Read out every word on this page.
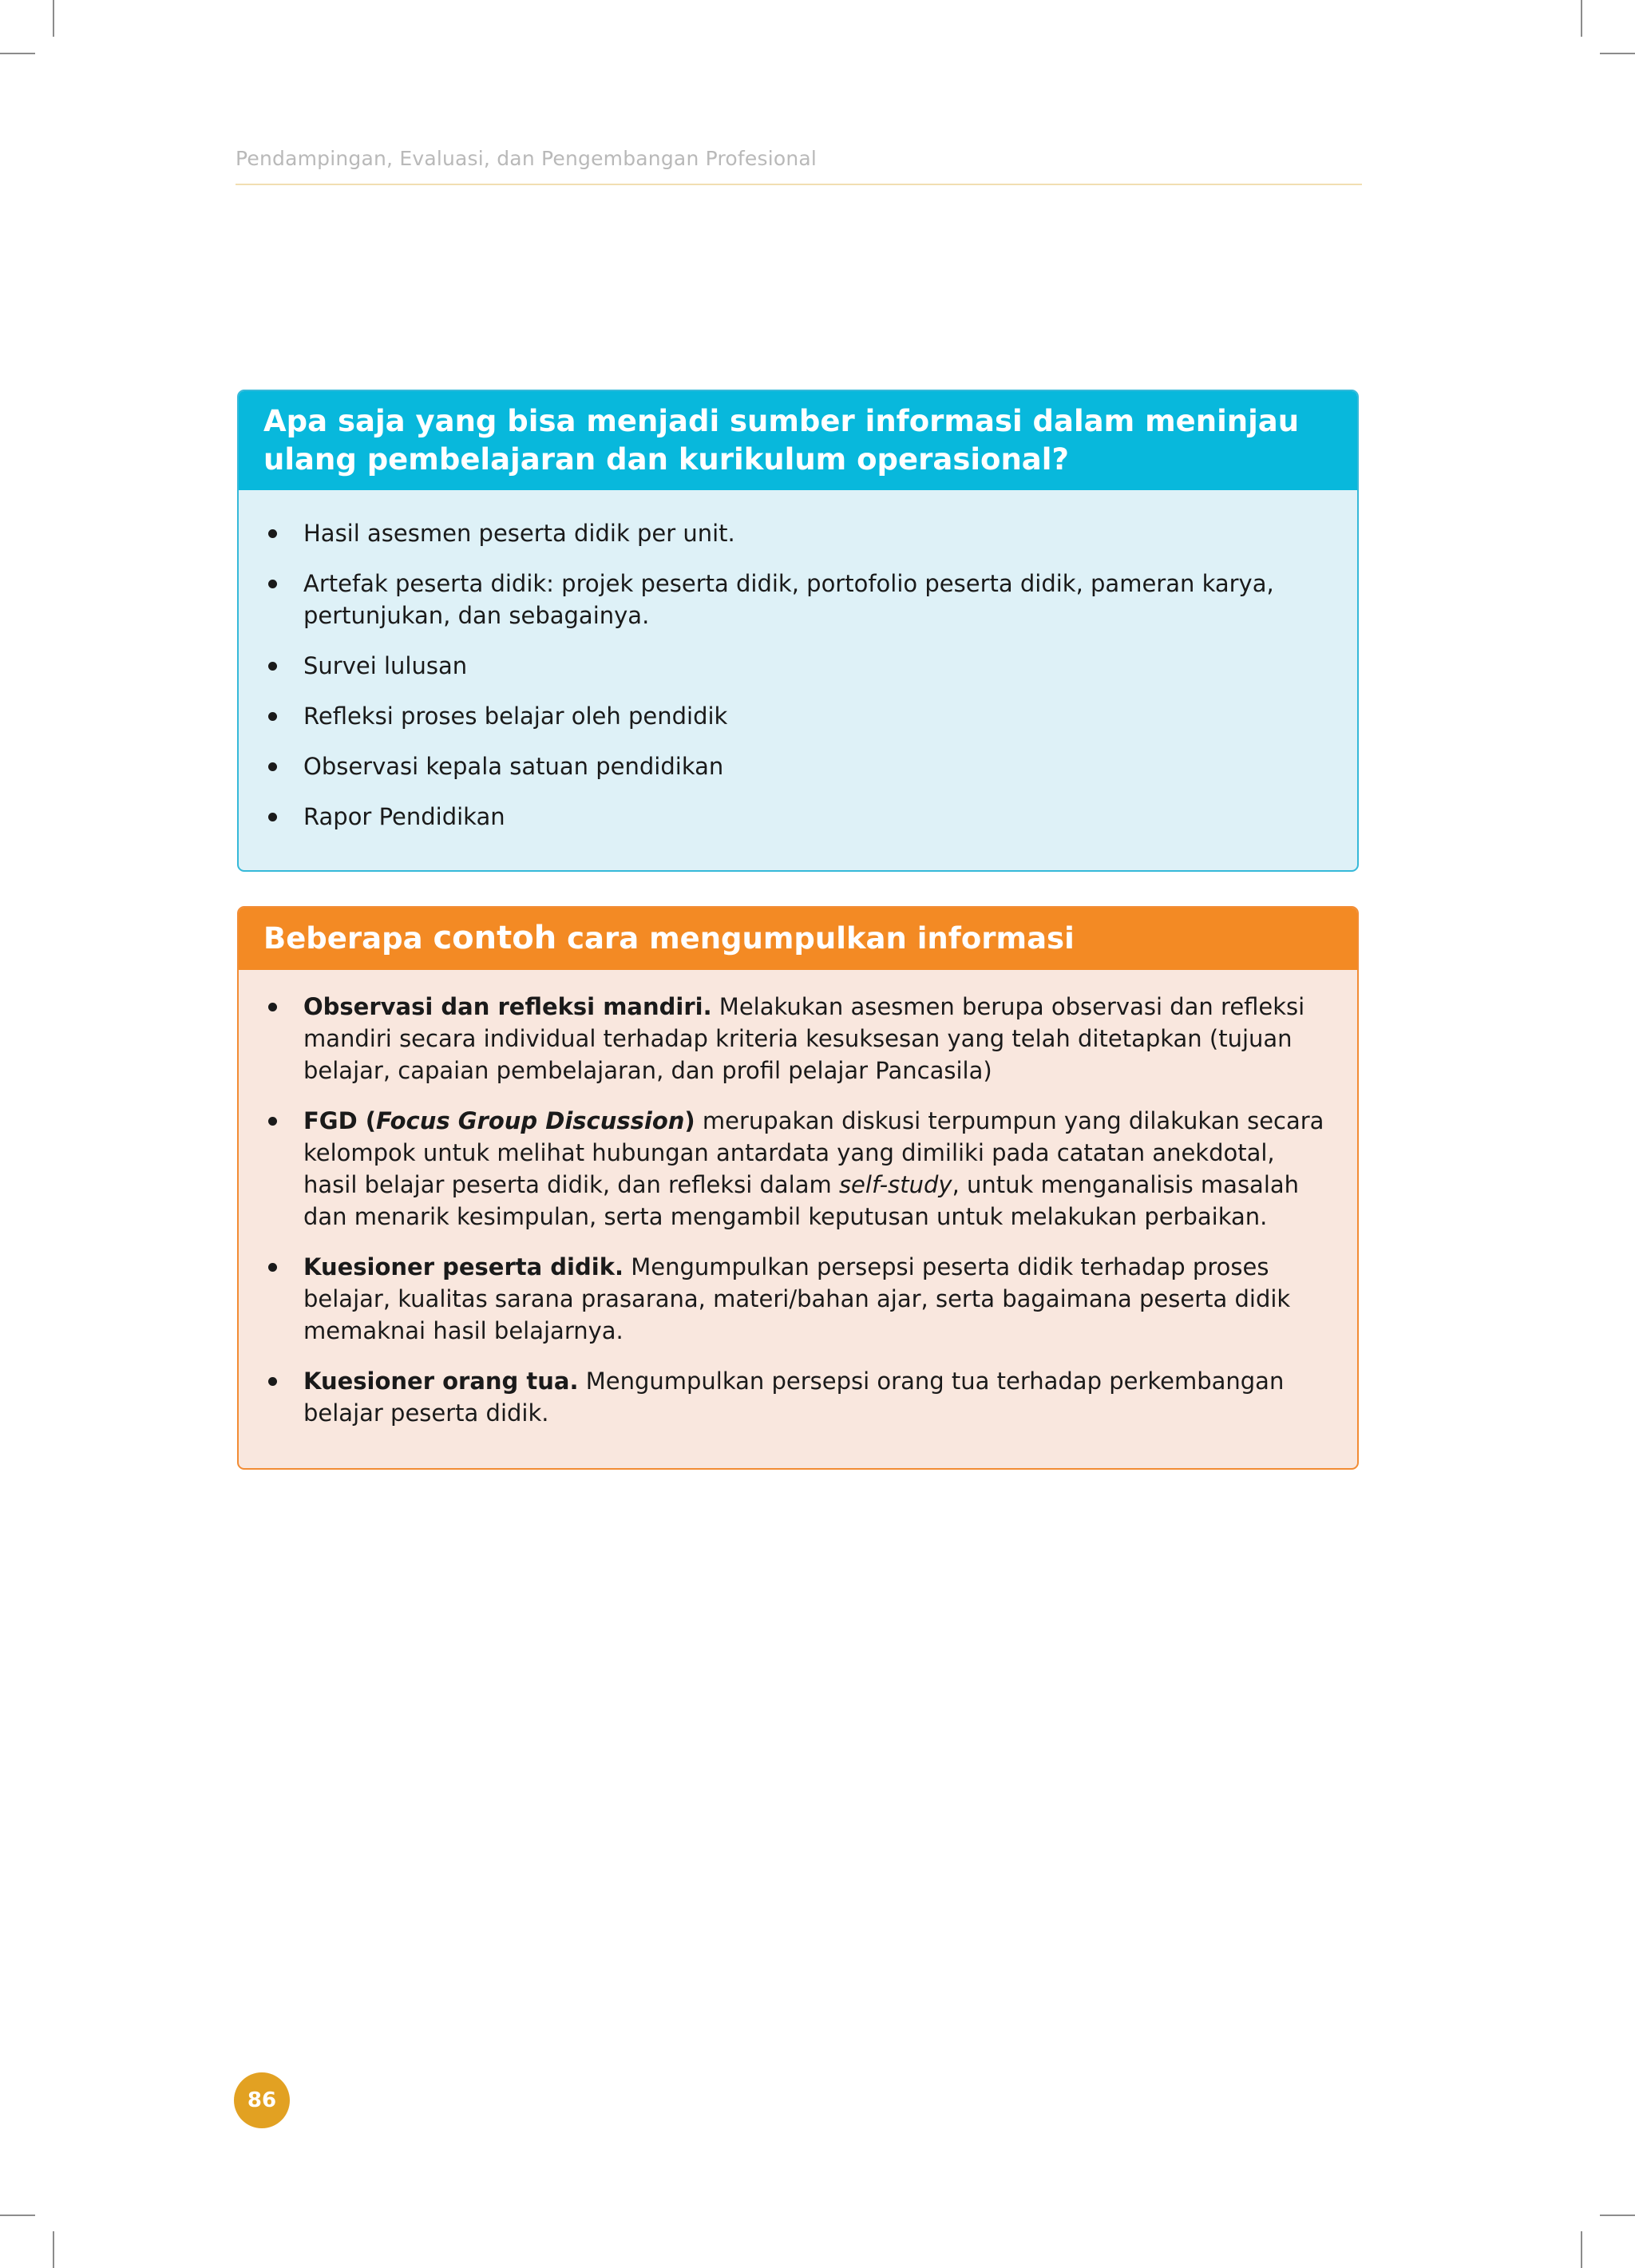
Pendampingan, Evaluasi, dan Pengembangan Profesional
Apa saja yang bisa menjadi sumber informasi dalam meninjau ulang pembelajaran dan kurikulum operasional?
Hasil asesmen peserta didik per unit.
Artefak peserta didik: projek peserta didik, portofolio peserta didik, pameran karya, pertunjukan, dan sebagainya.
Survei lulusan
Refleksi proses belajar oleh pendidik
Observasi kepala satuan pendidikan
Rapor Pendidikan
Beberapa contoh cara mengumpulkan informasi
Observasi dan refleksi mandiri. Melakukan asesmen berupa observasi dan refleksi mandiri secara individual terhadap kriteria kesuksesan yang telah ditetapkan (tujuan belajar, capaian pembelajaran, dan profil pelajar Pancasila)
FGD (Focus Group Discussion) merupakan diskusi terpumpun yang dilakukan secara kelompok untuk melihat hubungan antardata yang dimiliki pada catatan anekdotal, hasil belajar peserta didik, dan refleksi dalam self-study, untuk menganalisis masalah dan menarik kesimpulan, serta mengambil keputusan untuk melakukan perbaikan.
Kuesioner peserta didik. Mengumpulkan persepsi peserta didik terhadap proses belajar, kualitas sarana prasarana, materi/bahan ajar, serta bagaimana peserta didik memaknai hasil belajarnya.
Kuesioner orang tua. Mengumpulkan persepsi orang tua terhadap perkembangan belajar peserta didik.
86
